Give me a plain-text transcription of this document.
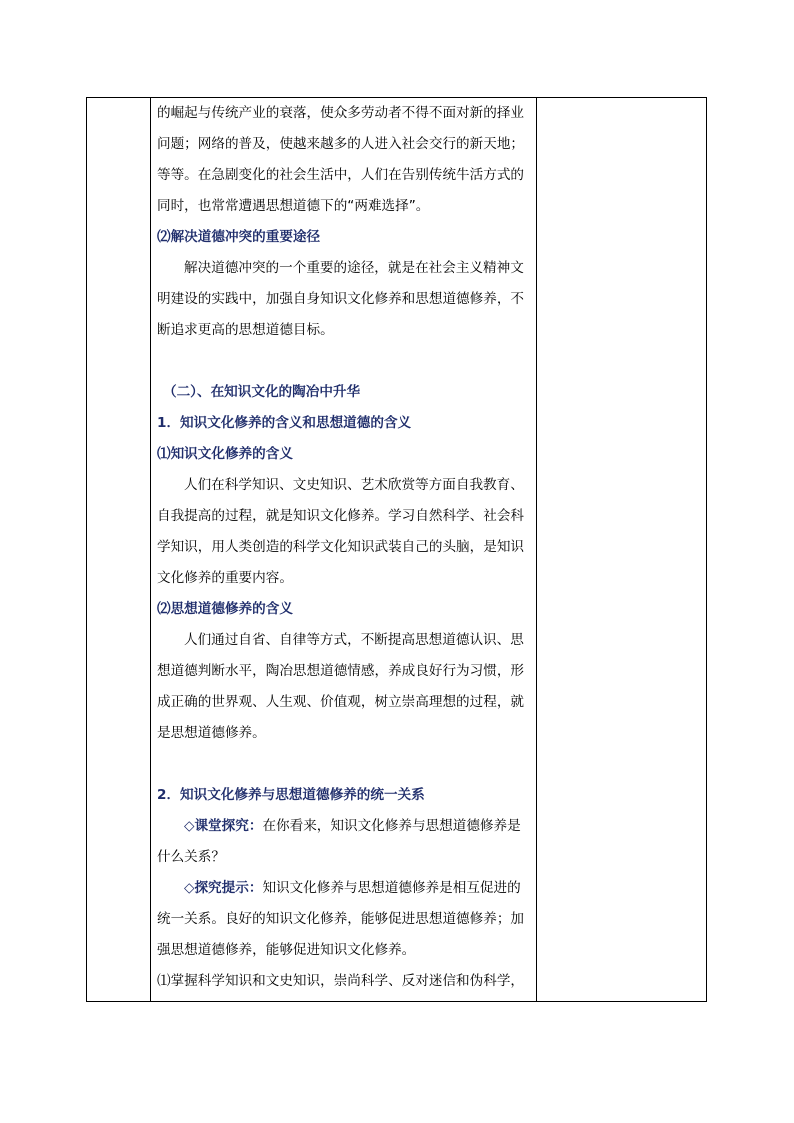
的崛起与传统产业的衰落，使众多劳动者不得不面对新的择业问题；网络的普及，使越来越多的人进入社会交行的新天地；等等。在急剧变化的社会生活中，人们在告别传统牛活方式的同时，也常常遭遇思想道德下的“两难选择”。

⑵解决道德冲突的重要途径

解决道德冲突的一个重要的途径，就是在社会主义精神文明建设的实践中，加强自身知识文化修养和思想道德修养，不断追求更高的思想道德目标。

（二）、在知识文化的陶冶中升华

1．知识文化修养的含义和思想道德的含义

⑴知识文化修养的含义

人们在科学知识、文史知识、艺术欣赏等方面自我教育、自我提高的过程，就是知识文化修养。学习自然科学、社会科学知识，用人类创造的科学文化知识武装自己的头脑，是知识文化修养的重要内容。

⑵思想道德修养的含义

人们通过自省、自律等方式，不断提高思想道德认识、思想道德判断水平，陶冶思想道德情感，养成良好行为习惯，形成正确的世界观、人生观、价值观，树立崇高理想的过程，就是思想道德修养。

2．知识文化修养与思想道德修养的统一关系

◇课堂探究：在你看来，知识文化修养与思想道德修养是什么关系？

◇探究提示：知识文化修养与思想道德修养是相互促进的统一关系。良好的知识文化修养，能够促进思想道德修养；加强思想道德修养，能够促进知识文化修养。

⑴掌握科学知识和文史知识，崇尚科学、反对迷信和伪科学，
